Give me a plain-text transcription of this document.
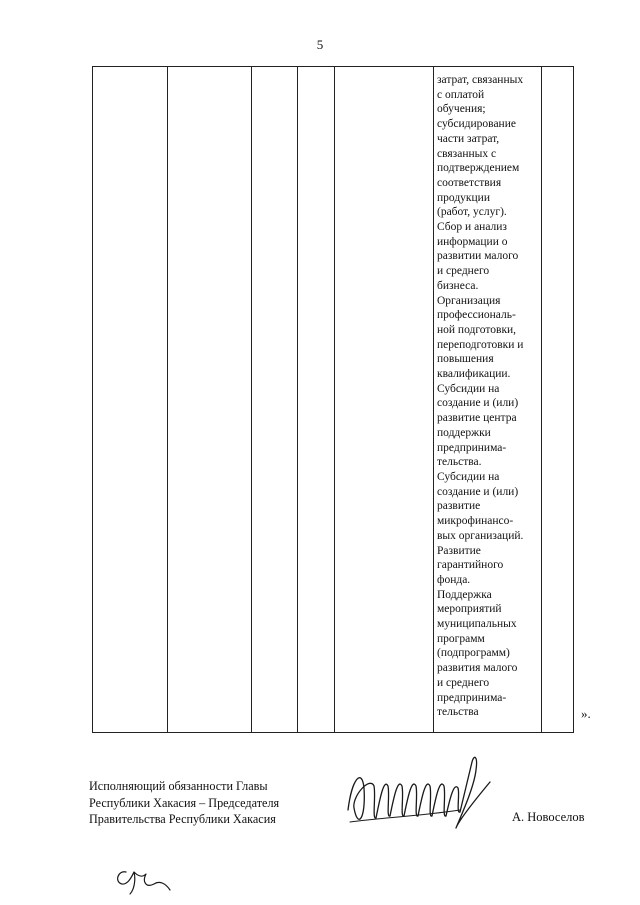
5
затрат, связанных
с оплатой
обучения;
субсидирование
части затрат,
связанных с
подтверждением
соответствия
продукции
(работ, услуг).
Сбор и анализ
информации о
развитии малого
и среднего
бизнеса.
Организация
профессиональ-
ной подготовки,
переподготовки и
повышения
квалификации.
Субсидии на
создание и (или)
развитие центра
поддержки
предпринима-
тельства.
Субсидии на
создание и (или)
развитие
микрофинансо-
вых организаций.
Развитие
гарантийного
фонда.
Поддержка
мероприятий
муниципальных
программ
(подпрограмм)
развития малого
и среднего
предпринима-
тельства	».
Исполняющий обязанности Главы
Республики Хакасия – Председателя
Правительства Республики Хакасия	А. Новоселов
